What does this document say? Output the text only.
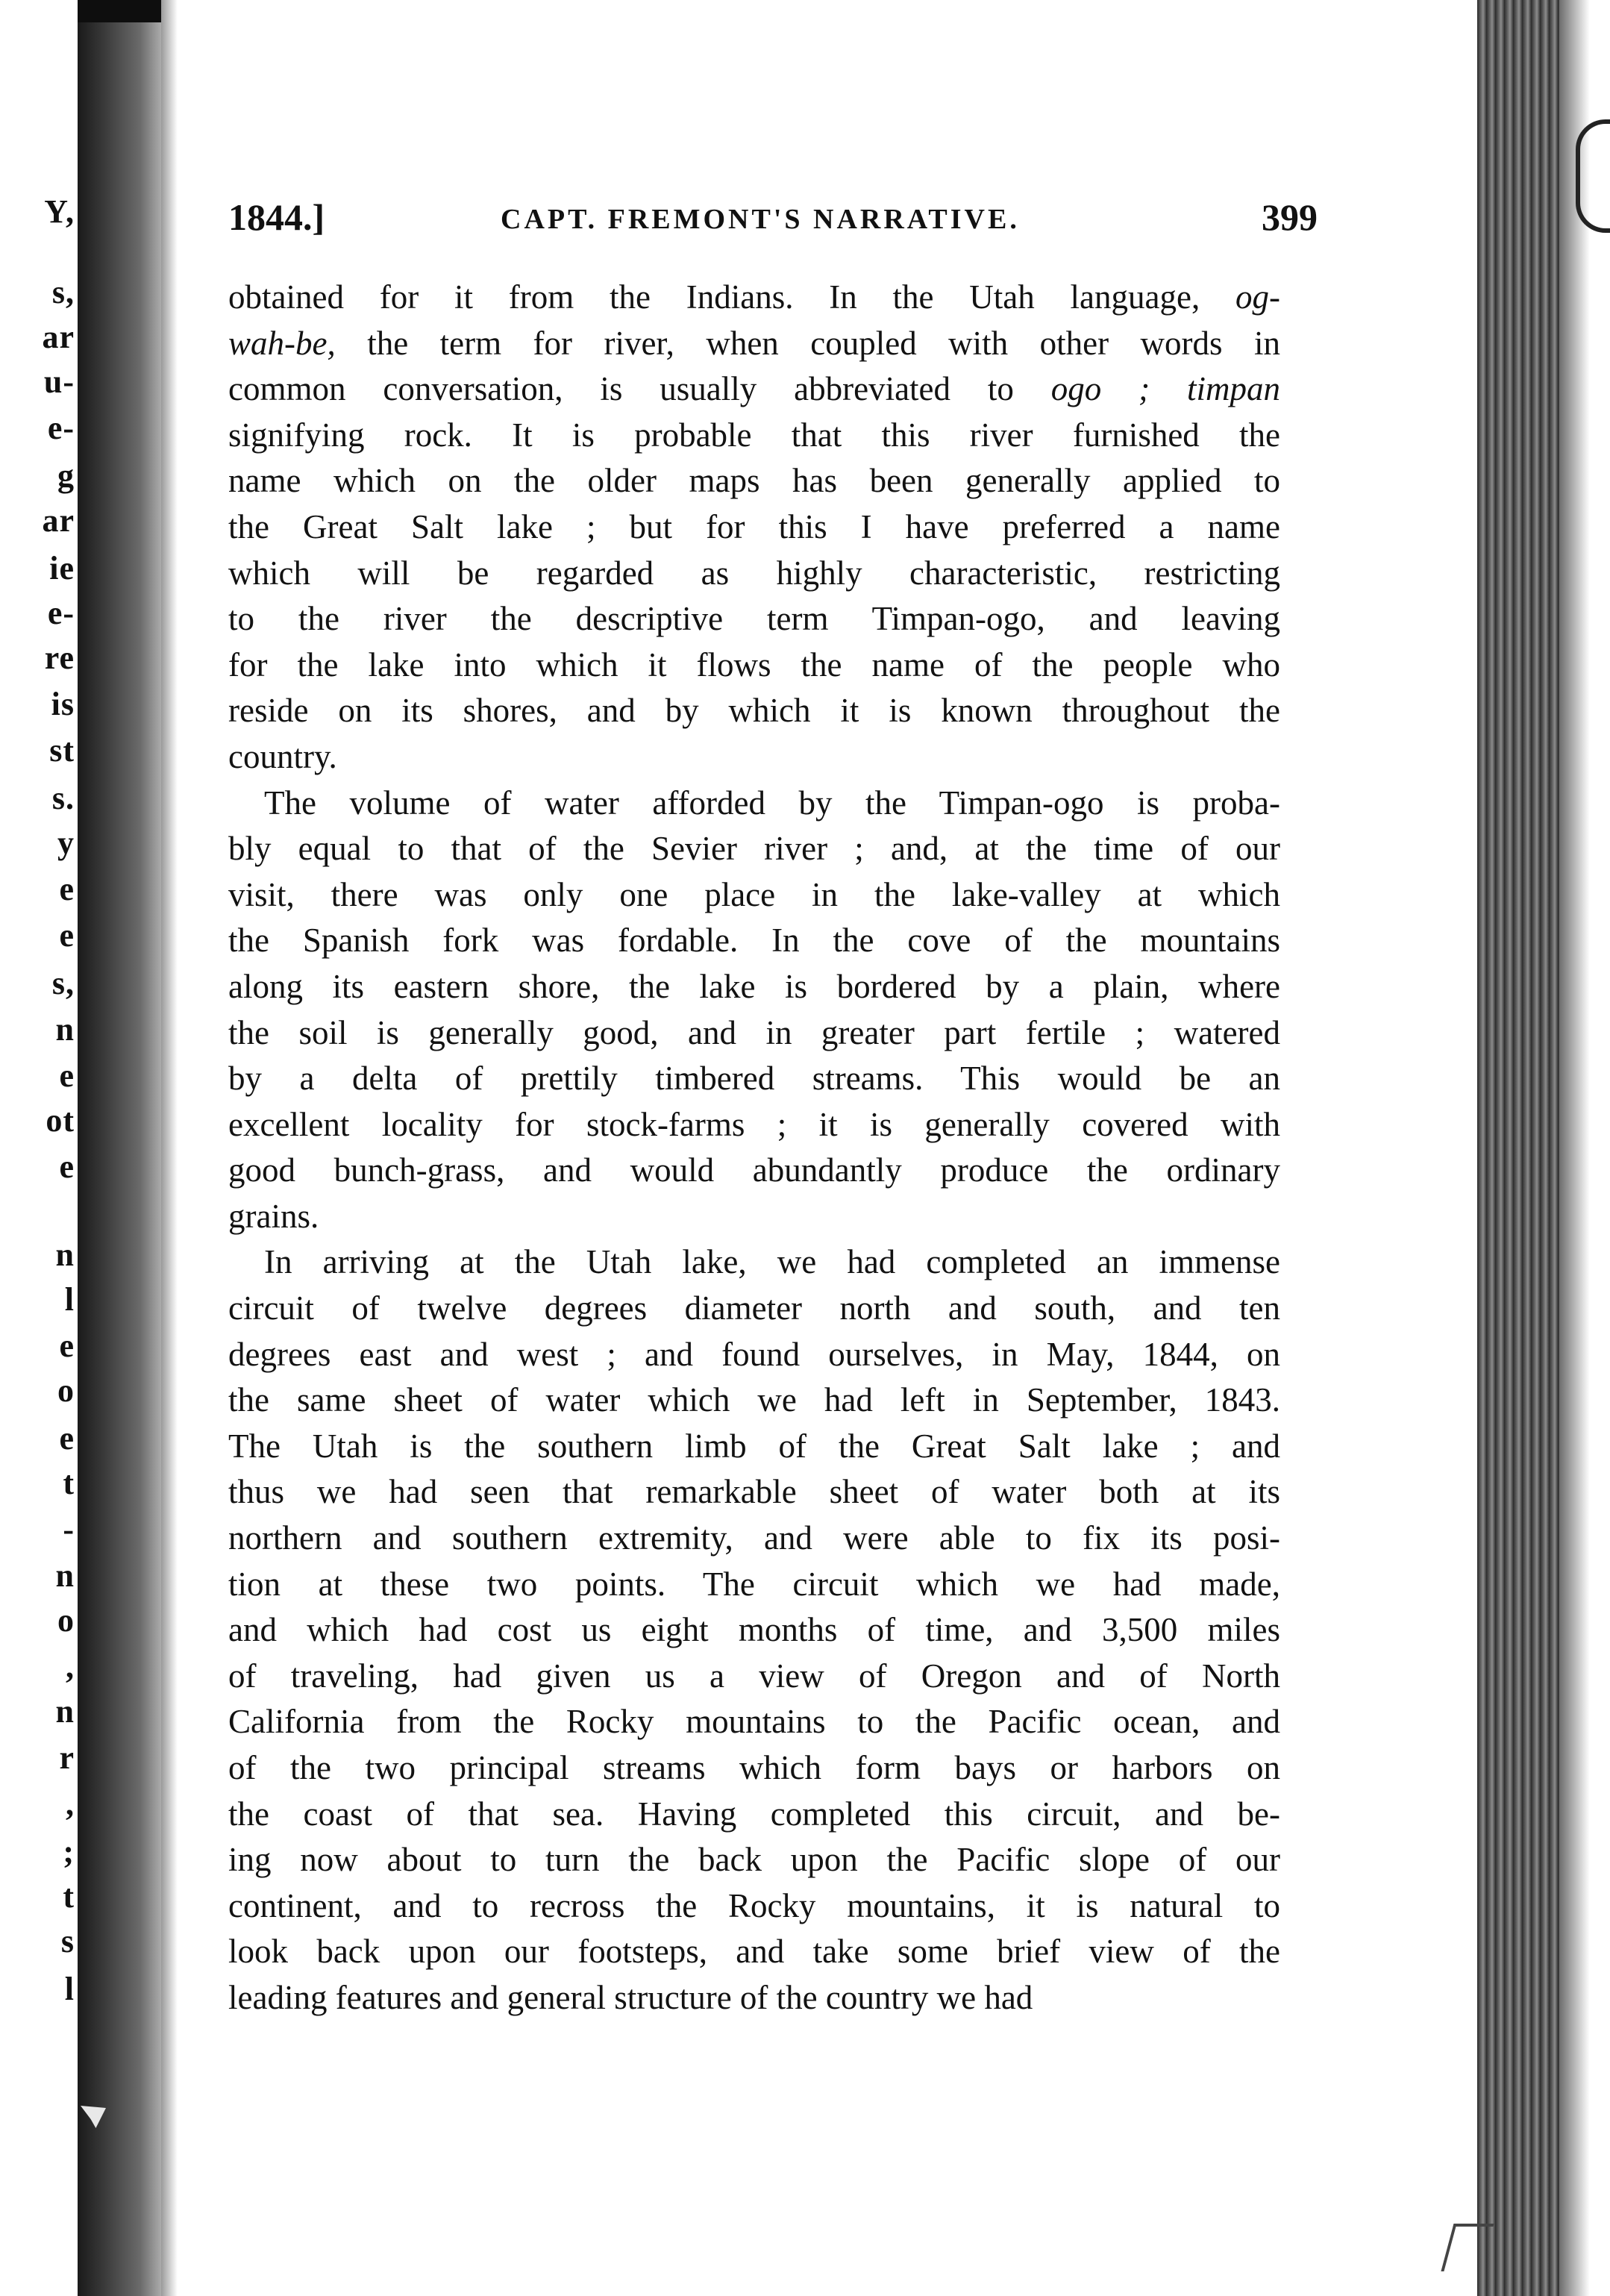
Y,
s,
ar
u-
e-
g
ar
ie
e-
re
is
st
s.
y
e
e
s,
n
e
ot
e
n
l
e
o
e
t
-
n
o
,
n
r
,
;
t
s
l
1844.]	CAPT. FREMONT'S NARRATIVE.	399
obtained for it from the Indians. In the Utah language, og-
wah-be, the term for river, when coupled with other words in
common conversation, is usually abbreviated to ogo ; timpan
signifying rock. It is probable that this river furnished the
name which on the older maps has been generally applied to
the Great Salt lake ; but for this I have preferred a name
which will be regarded as highly characteristic, restricting
to the river the descriptive term Timpan-ogo, and leaving
for the lake into which it flows the name of the people who
reside on its shores, and by which it is known throughout the
country.
The volume of water afforded by the Timpan-ogo is proba-
bly equal to that of the Sevier river ; and, at the time of our
visit, there was only one place in the lake-valley at which
the Spanish fork was fordable. In the cove of the mountains
along its eastern shore, the lake is bordered by a plain, where
the soil is generally good, and in greater part fertile ; watered
by a delta of prettily timbered streams. This would be an
excellent locality for stock-farms ; it is generally covered with
good bunch-grass, and would abundantly produce the ordinary
grains.
In arriving at the Utah lake, we had completed an immense
circuit of twelve degrees diameter north and south, and ten
degrees east and west ; and found ourselves, in May, 1844, on
the same sheet of water which we had left in September, 1843.
The Utah is the southern limb of the Great Salt lake ; and
thus we had seen that remarkable sheet of water both at its
northern and southern extremity, and were able to fix its posi-
tion at these two points. The circuit which we had made,
and which had cost us eight months of time, and 3,500 miles
of traveling, had given us a view of Oregon and of North
California from the Rocky mountains to the Pacific ocean, and
of the two principal streams which form bays or harbors on
the coast of that sea. Having completed this circuit, and be-
ing now about to turn the back upon the Pacific slope of our
continent, and to recross the Rocky mountains, it is natural to
look back upon our footsteps, and take some brief view of the
leading features and general structure of the country we had
